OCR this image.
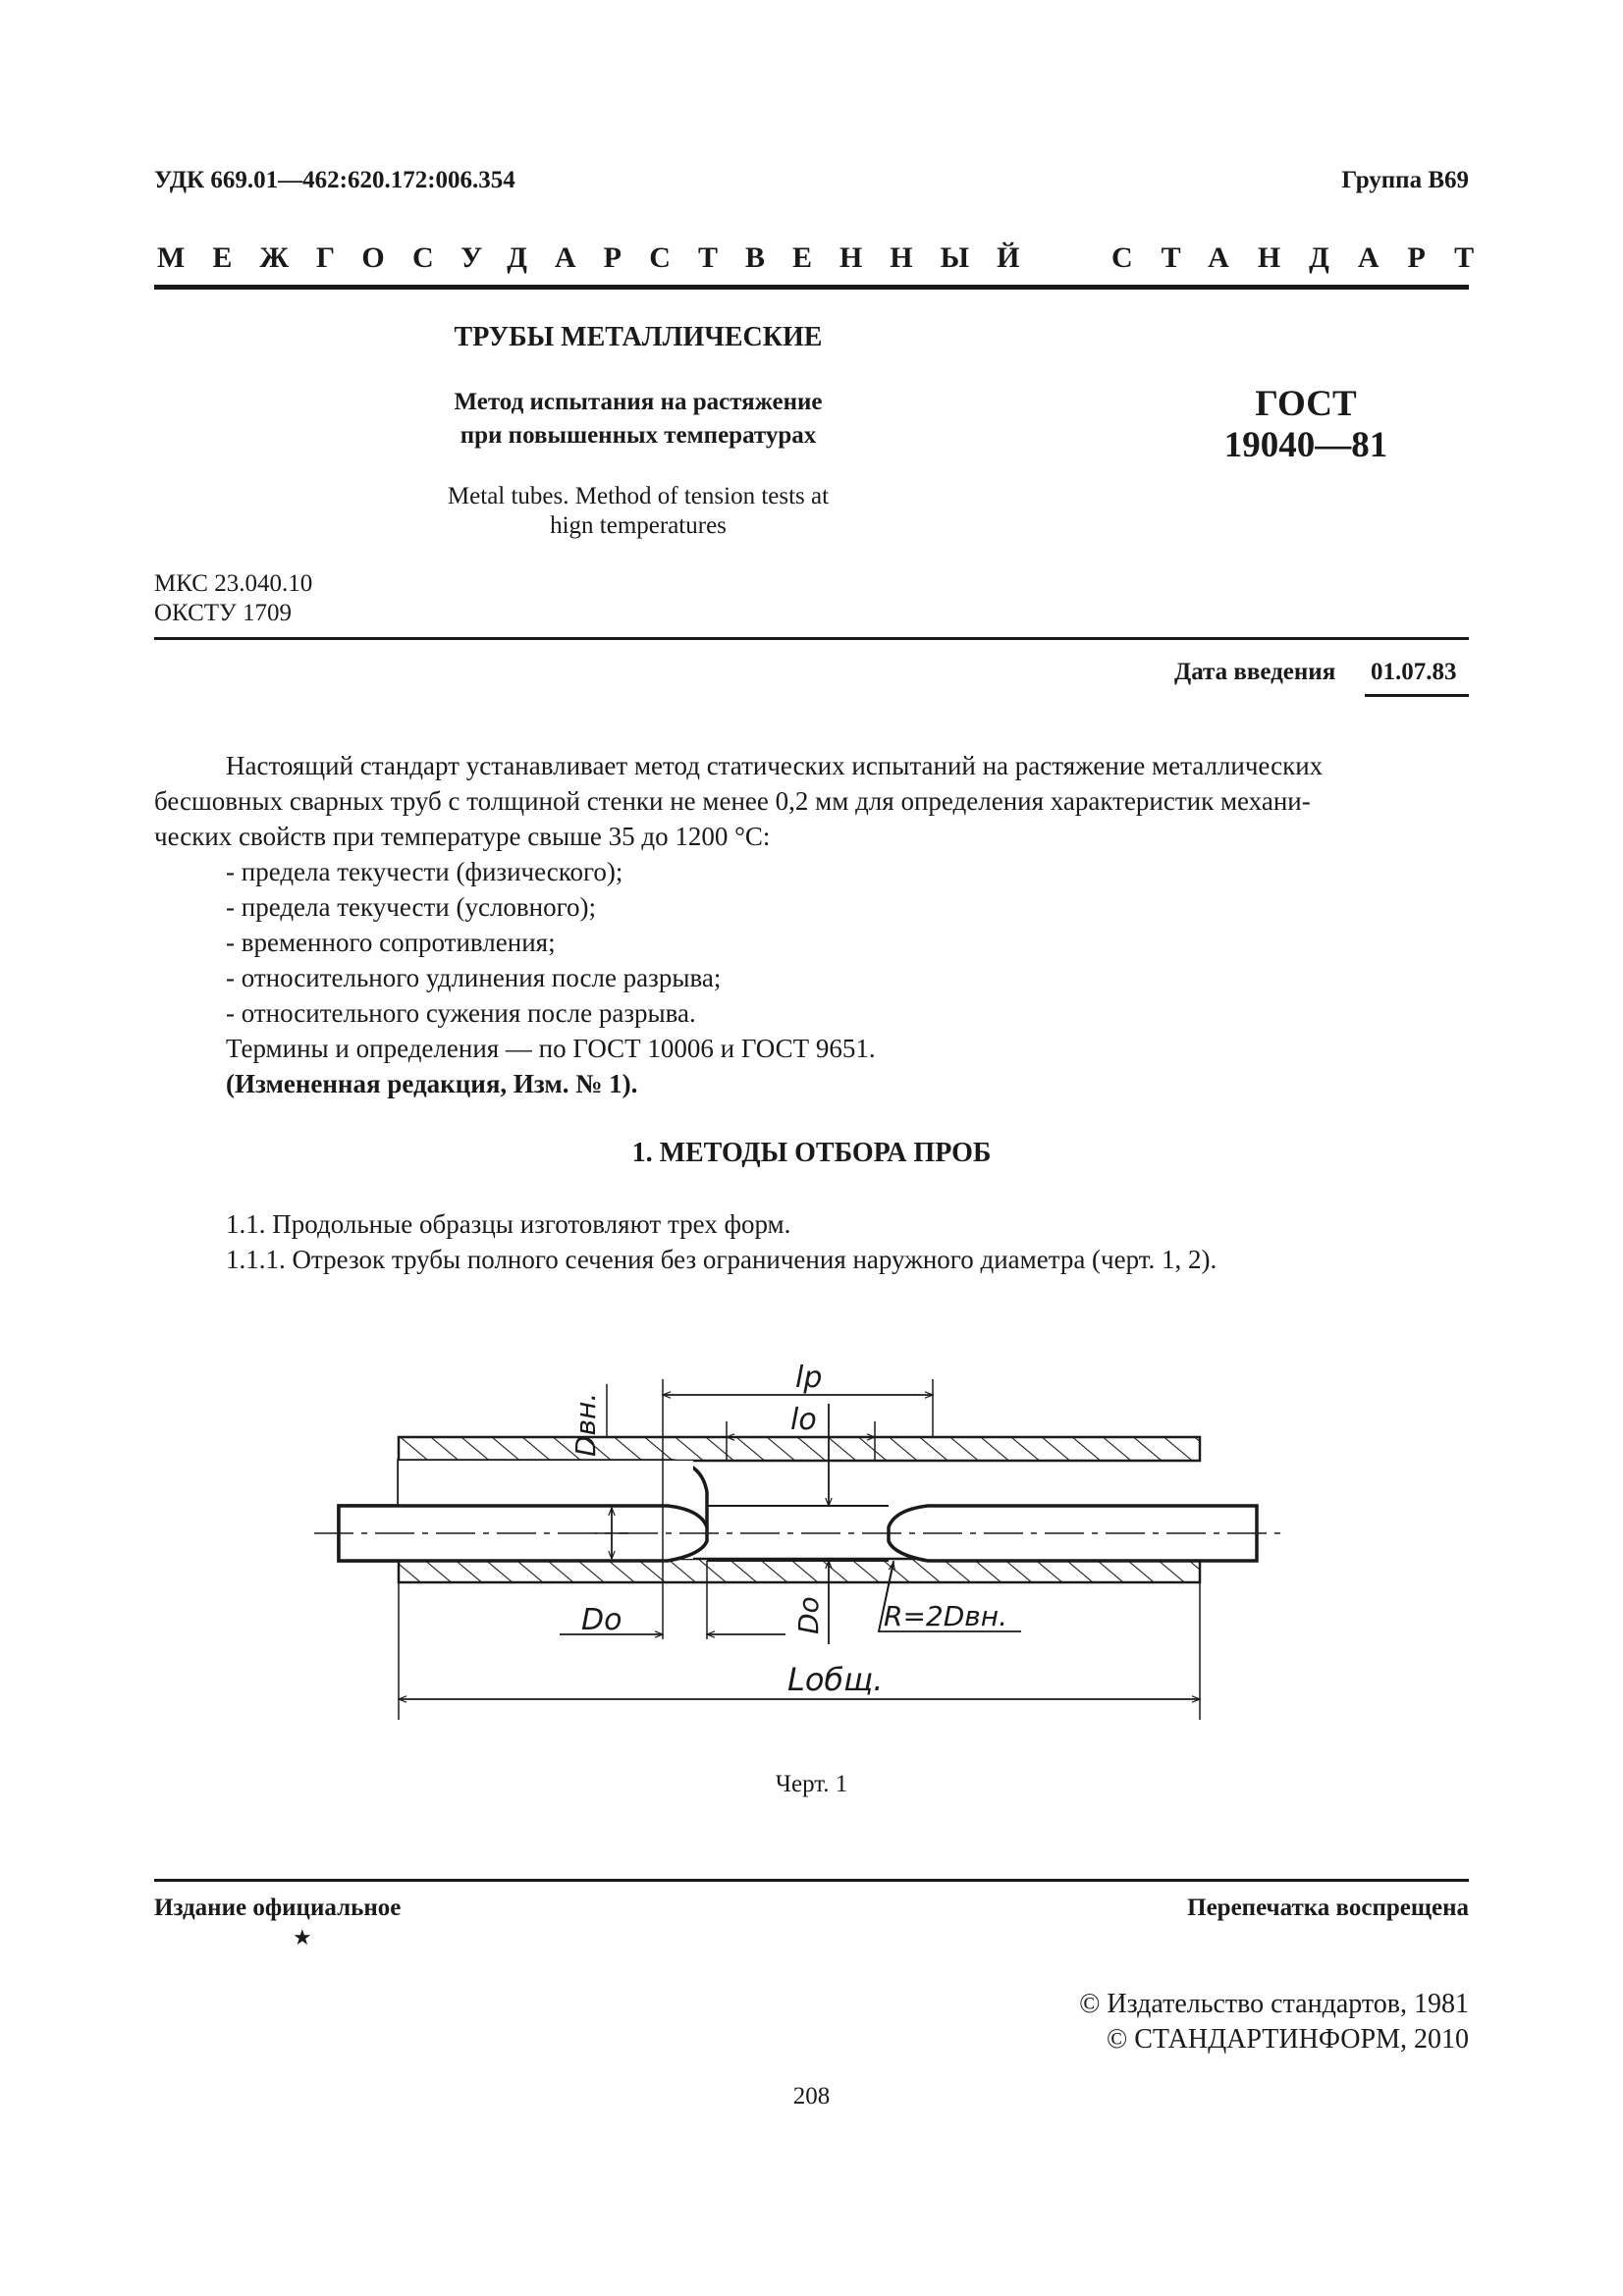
УДК 669.01—462:620.172:006.354	Группа В69
МЕЖГОСУДАРСТВЕННЫЙ СТАНДАРТ
ТРУБЫ МЕТАЛЛИЧЕСКИЕ
Метод испытания на растяжение
при повышенных температурах
Metal tubes. Method of tension tests at
hign temperatures
ГОСТ
19040—81
МКС 23.040.10
ОКСТУ 1709
Дата введения 01.07.83
Настоящий стандарт устанавливает метод статических испытаний на растяжение металлических
бесшовных сварных труб с толщиной стенки не менее 0,2 мм для определения характеристик механи-
ческих свойств при температуре свыше 35 до 1200 °С:
- предела текучести (физического);
- предела текучести (условного);
- временного сопротивления;
- относительного удлинения после разрыва;
- относительного сужения после разрыва.
Термины и определения — по ГОСТ 10006 и ГОСТ 9651.
(Измененная редакция, Изм. № 1).
1. МЕТОДЫ ОТБОРА ПРОБ
1.1. Продольные образцы изготовляют трех форм.
1.1.1. Отрезок трубы полного сечения без ограничения наружного диаметра (черт. 1, 2).
lр
lо
Dвн.
Dо	Dо R=2Dвн.
Lобщ.
Черт. 1
Издание официальное
★
Перепечатка воспрещена
© Издательство стандартов, 1981
© СТАНДАРТИНФОРМ, 2010
208
